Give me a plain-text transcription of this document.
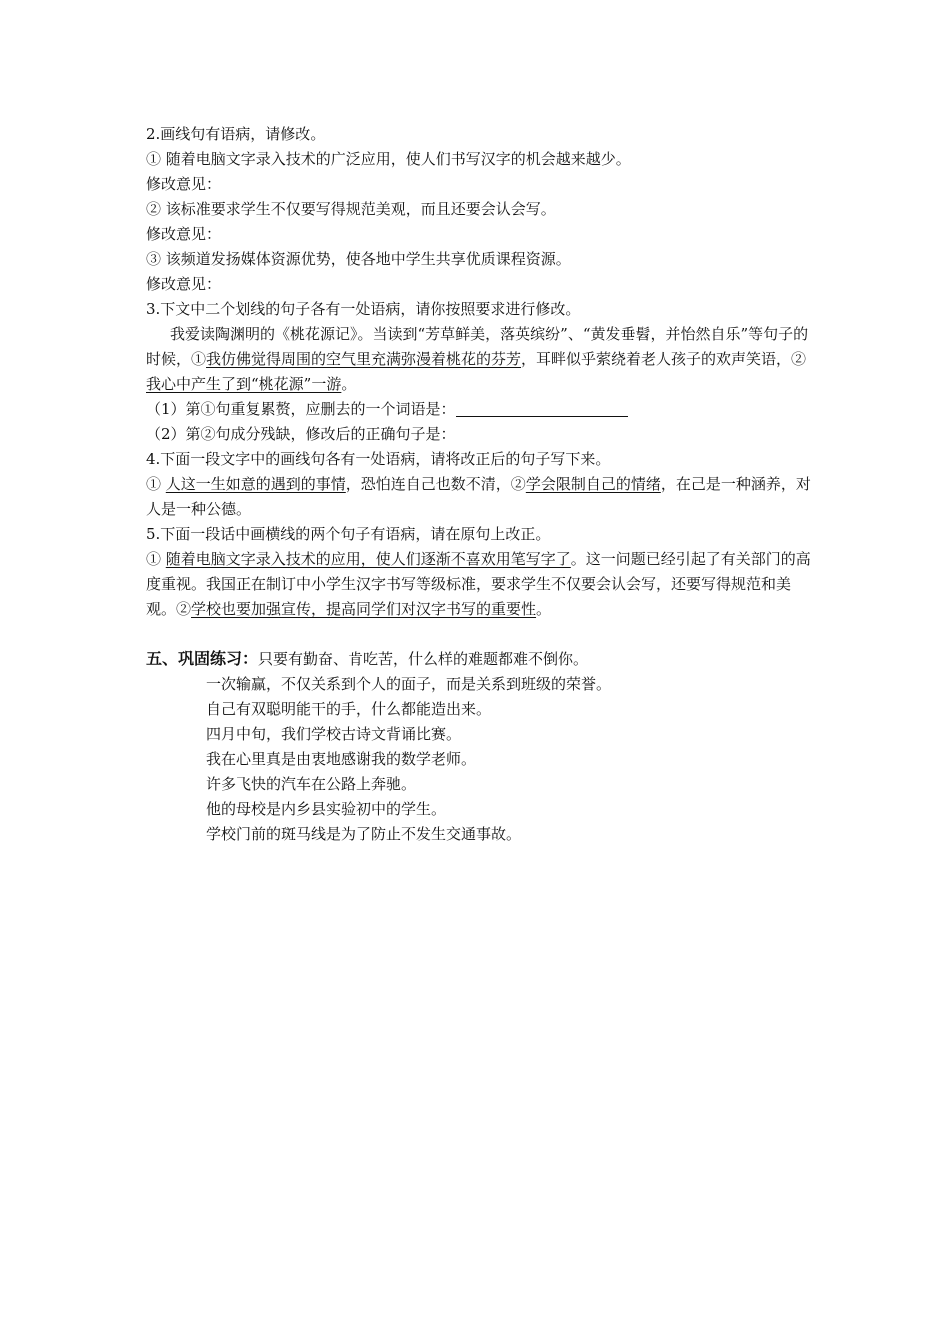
2.画线句有语病，请修改。
① 随着电脑文字录入技术的广泛应用，使人们书写汉字的机会越来越少。
修改意见：
② 该标准要求学生不仅要写得规范美观，而且还要会认会写。
修改意见：
③ 该频道发扬媒体资源优势，使各地中学生共享优质课程资源。
修改意见：
3.下文中二个划线的句子各有一处语病，请你按照要求进行修改。
我爱读陶渊明的《桃花源记》。当读到“芳草鲜美，落英缤纷”、“黄发垂髫，并怡然自乐”等句子的时候，①我仿佛觉得周围的空气里充满弥漫着桃花的芬芳，耳畔似乎萦绕着老人孩子的欢声笑语，②我心中产生了到“桃花源”一游。
（1）第①句重复累赘，应删去的一个词语是：
（2）第②句成分残缺，修改后的正确句子是：
4.下面一段文字中的画线句各有一处语病，请将改正后的句子写下来。
① 人这一生如意的遇到的事情，恐怕连自己也数不清，②学会限制自己的情绪，在己是一种涵养，对人是一种公德。
5.下面一段话中画横线的两个句子有语病，请在原句上改正。
① 随着电脑文字录入技术的应用，使人们逐渐不喜欢用笔写字了。这一问题已经引起了有关部门的高度重视。我国正在制订中小学生汉字书写等级标准，要求学生不仅要会认会写，还要写得规范和美观。②学校也要加强宣传，提高同学们对汉字书写的重要性。
五、巩固练习：只要有勤奋、肯吃苦，什么样的难题都难不倒你。
一次输赢，不仅关系到个人的面子，而是关系到班级的荣誉。
自己有双聪明能干的手，什么都能造出来。
四月中旬，我们学校古诗文背诵比赛。
我在心里真是由衷地感谢我的数学老师。
许多飞快的汽车在公路上奔驰。
他的母校是内乡县实验初中的学生。
学校门前的斑马线是为了防止不发生交通事故。
